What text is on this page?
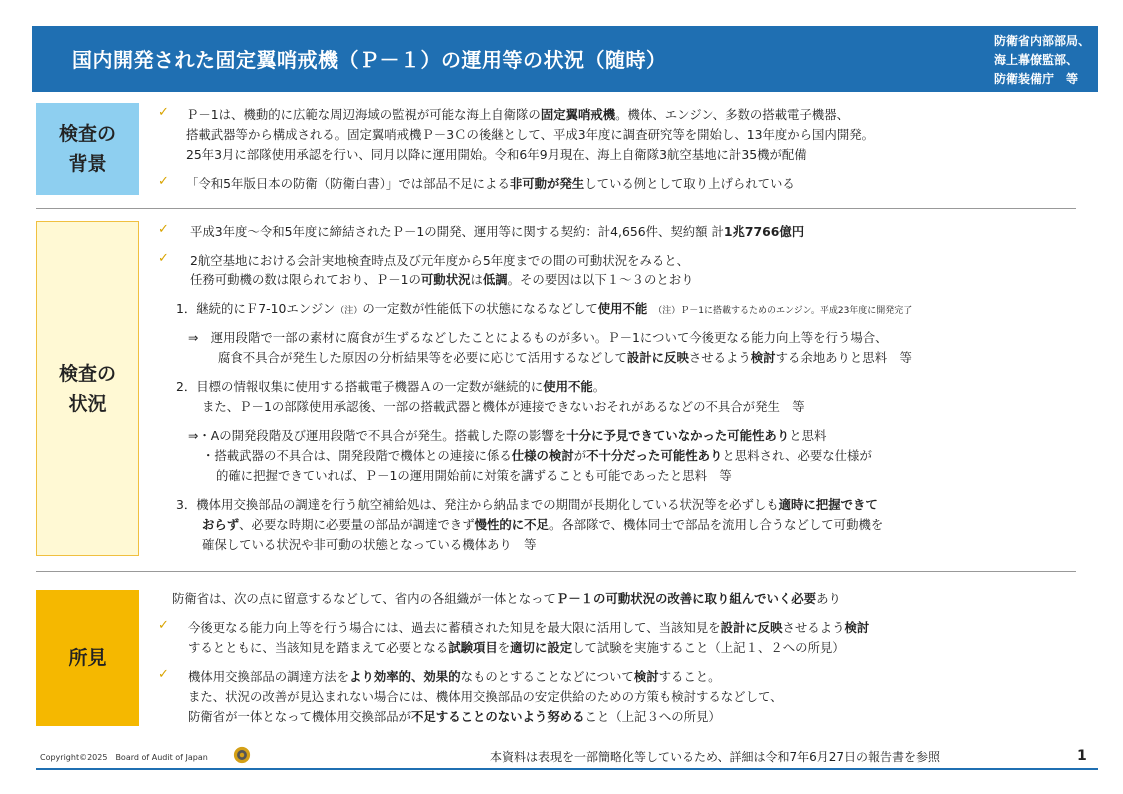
国内開発された固定翼哨戒機（Ｐ－１）の運用等の状況（随時）
防衛省内部部局、
海上幕僚監部、
防衛装備庁　等
検査の
背景
検査の
状況
所見
✓ Ｐ－1は、機動的に広範な周辺海域の監視が可能な海上自衛隊の固定翼哨戒機。機体、エンジン、多数の搭載電子機器、
搭載武器等から構成される。固定翼哨戒機Ｐ－3Ｃの後継として、平成3年度に調査研究等を開始し、13年度から国内開発。
25年3月に部隊使用承認を行い、同月以降に運用開始。令和6年9月現在、海上自衛隊3航空基地に計35機が配備
✓ 「令和5年版日本の防衛（防衛白書）」では部品不足による非可動が発生している例として取り上げられている
✓ 平成3年度～令和5年度に締結されたＰ－1の開発、運用等に関する契約：計4,656件、契約額 計1兆7766億円
✓ 2航空基地における会計実地検査時点及び元年度から5年度までの間の可動状況をみると、
任務可動機の数は限られており、Ｐ－1の可動状況は低調。その要因は以下１～３のとおり
1．継続的にＦ7-10エンジン（注）の一定数が性能低下の状態になるなどして使用不能 （注）Ｐ－1に搭載するためのエンジン。平成23年度に開発完了
⇒　運用段階で一部の素材に腐食が生ずるなどしたことによるものが多い。Ｐ－1について今後更なる能力向上等を行う場合、
腐食不具合が発生した原因の分析結果等を必要に応じて活用するなどして設計に反映させるよう検討する余地ありと思料　等
2．目標の情報収集に使用する搭載電子機器Ａの一定数が継続的に使用不能。
また、Ｐ－1の部隊使用承認後、一部の搭載武器と機体が連接できないおそれがあるなどの不具合が発生　等
⇒・Aの開発段階及び運用段階で不具合が発生。搭載した際の影響を十分に予見できていなかった可能性ありと思料
・搭載武器の不具合は、開発段階で機体との連接に係る仕様の検討が不十分だった可能性ありと思料され、必要な仕様が
的確に把握できていれば、Ｐ－1の運用開始前に対策を講ずることも可能であったと思料　等
3．機体用交換部品の調達を行う航空補給処は、発注から納品までの期間が長期化している状況等を必ずしも適時に把握できて
おらず、必要な時期に必要量の部品が調達できず慢性的に不足。各部隊で、機体同士で部品を流用し合うなどして可動機を
確保している状況や非可動の状態となっている機体あり　等
防衛省は、次の点に留意するなどして、省内の各組織が一体となってＰ－１の可動状況の改善に取り組んでいく必要あり
✓ 今後更なる能力向上等を行う場合には、過去に蓄積された知見を最大限に活用して、当該知見を設計に反映させるよう検討
するとともに、当該知見を踏まえて必要となる試験項目を適切に設定して試験を実施すること（上記１、２への所見）
✓ 機体用交換部品の調達方法をより効率的、効果的なものとすることなどについて検討すること。
また、状況の改善が見込まれない場合には、機体用交換部品の安定供給のための方策も検討するなどして、
防衛省が一体となって機体用交換部品が不足することのないよう努めること（上記３への所見）
Copyright©2025　Board of Audit of Japan	本資料は表現を一部簡略化等しているため、詳細は令和7年6月27日の報告書を参照	1
